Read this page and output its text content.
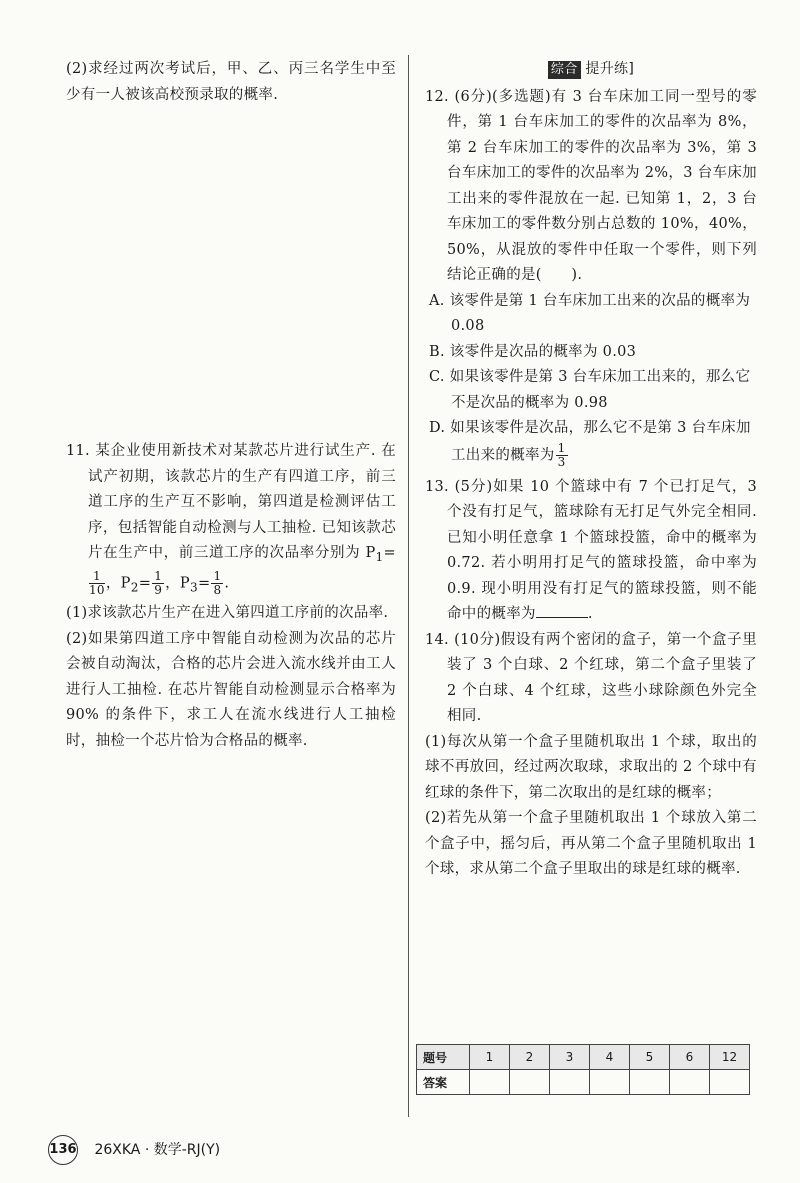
(2)求经过两次考试后，甲、乙、丙三名学生中至少有一人被该高校预录取的概率.

11. 某企业使用新技术对某款芯片进行试生产. 在试产初期，该款芯片的生产有四道工序，前三道工序的生产互不影响，第四道是检测评估工序，包括智能自动检测与人工抽检. 已知该款芯片在生产中，前三道工序的次品率分别为 $P_1=$
$\frac{1}{10}$ ，$P_2= \frac{1}{9}$ ，$P_3= \frac{1}{8}$ .

(1)求该款芯片生产在进入第四道工序前的次品率.

(2)如果第四道工序中智能自动检测为次品的芯片会被自动淘汰，合格的芯片会进入流水线并由工人进行人工抽检. 在芯片智能自动检测显示合格率为 90% 的条件下，求工人在流水线进行人工抽检时，抽检一个芯片恰为合格品的概率.

综合 提升练]

12. (6分)(多选题)有 3 台车床加工同一型号的零件，第 1 台车床加工的零件的次品率为 8%，第 2 台车床加工的零件的次品率为 3%，第 3 台车床加工的零件的次品率为 2%，3 台车床加工出来的零件混放在一起. 已知第 1，2，3 台车床加工的零件数分别占总数的 10%，40%，50%，从混放的零件中任取一个零件，则下列结论正确的是(　　).

A. 该零件是第 1 台车床加工出来的次品的概率为 0.08

B. 该零件是次品的概率为 0.03

C. 如果该零件是第 3 台车床加工出来的，那么它不是次品的概率为 0.98

D. 如果该零件是次品，那么它不是第 3 台车床加工出来的概率为 $\frac{1}{3}$

13. (5分)如果 10 个篮球中有 7 个已打足气，3 个没有打足气，篮球除有无打足气外完全相同. 已知小明任意拿 1 个篮球投篮，命中的概率为 0.72. 若小明用打足气的篮球投篮，命中率为 0.9. 现小明用没有打足气的篮球投篮，则不能命中的概率为	.

14. (10分)假设有两个密闭的盒子，第一个盒子里装了 3 个白球、2 个红球，第二个盒子里装了 2 个白球、4 个红球，这些小球除颜色外完全相同.

(1)每次从第一个盒子里随机取出 1 个球，取出的球不再放回，经过两次取球，求取出的 2 个球中有红球的条件下，第二次取出的是红球的概率；

(2)若先从第一个盒子里随机取出 1 个球放入第二个盒子中，摇匀后，再从第二个盒子里随机取出 1 个球，求从第二个盒子里取出的球是红球的概率.

题号	1	2	3	4	5	6	12
答案							
136 26XKA · 数学-RJ(Y)
